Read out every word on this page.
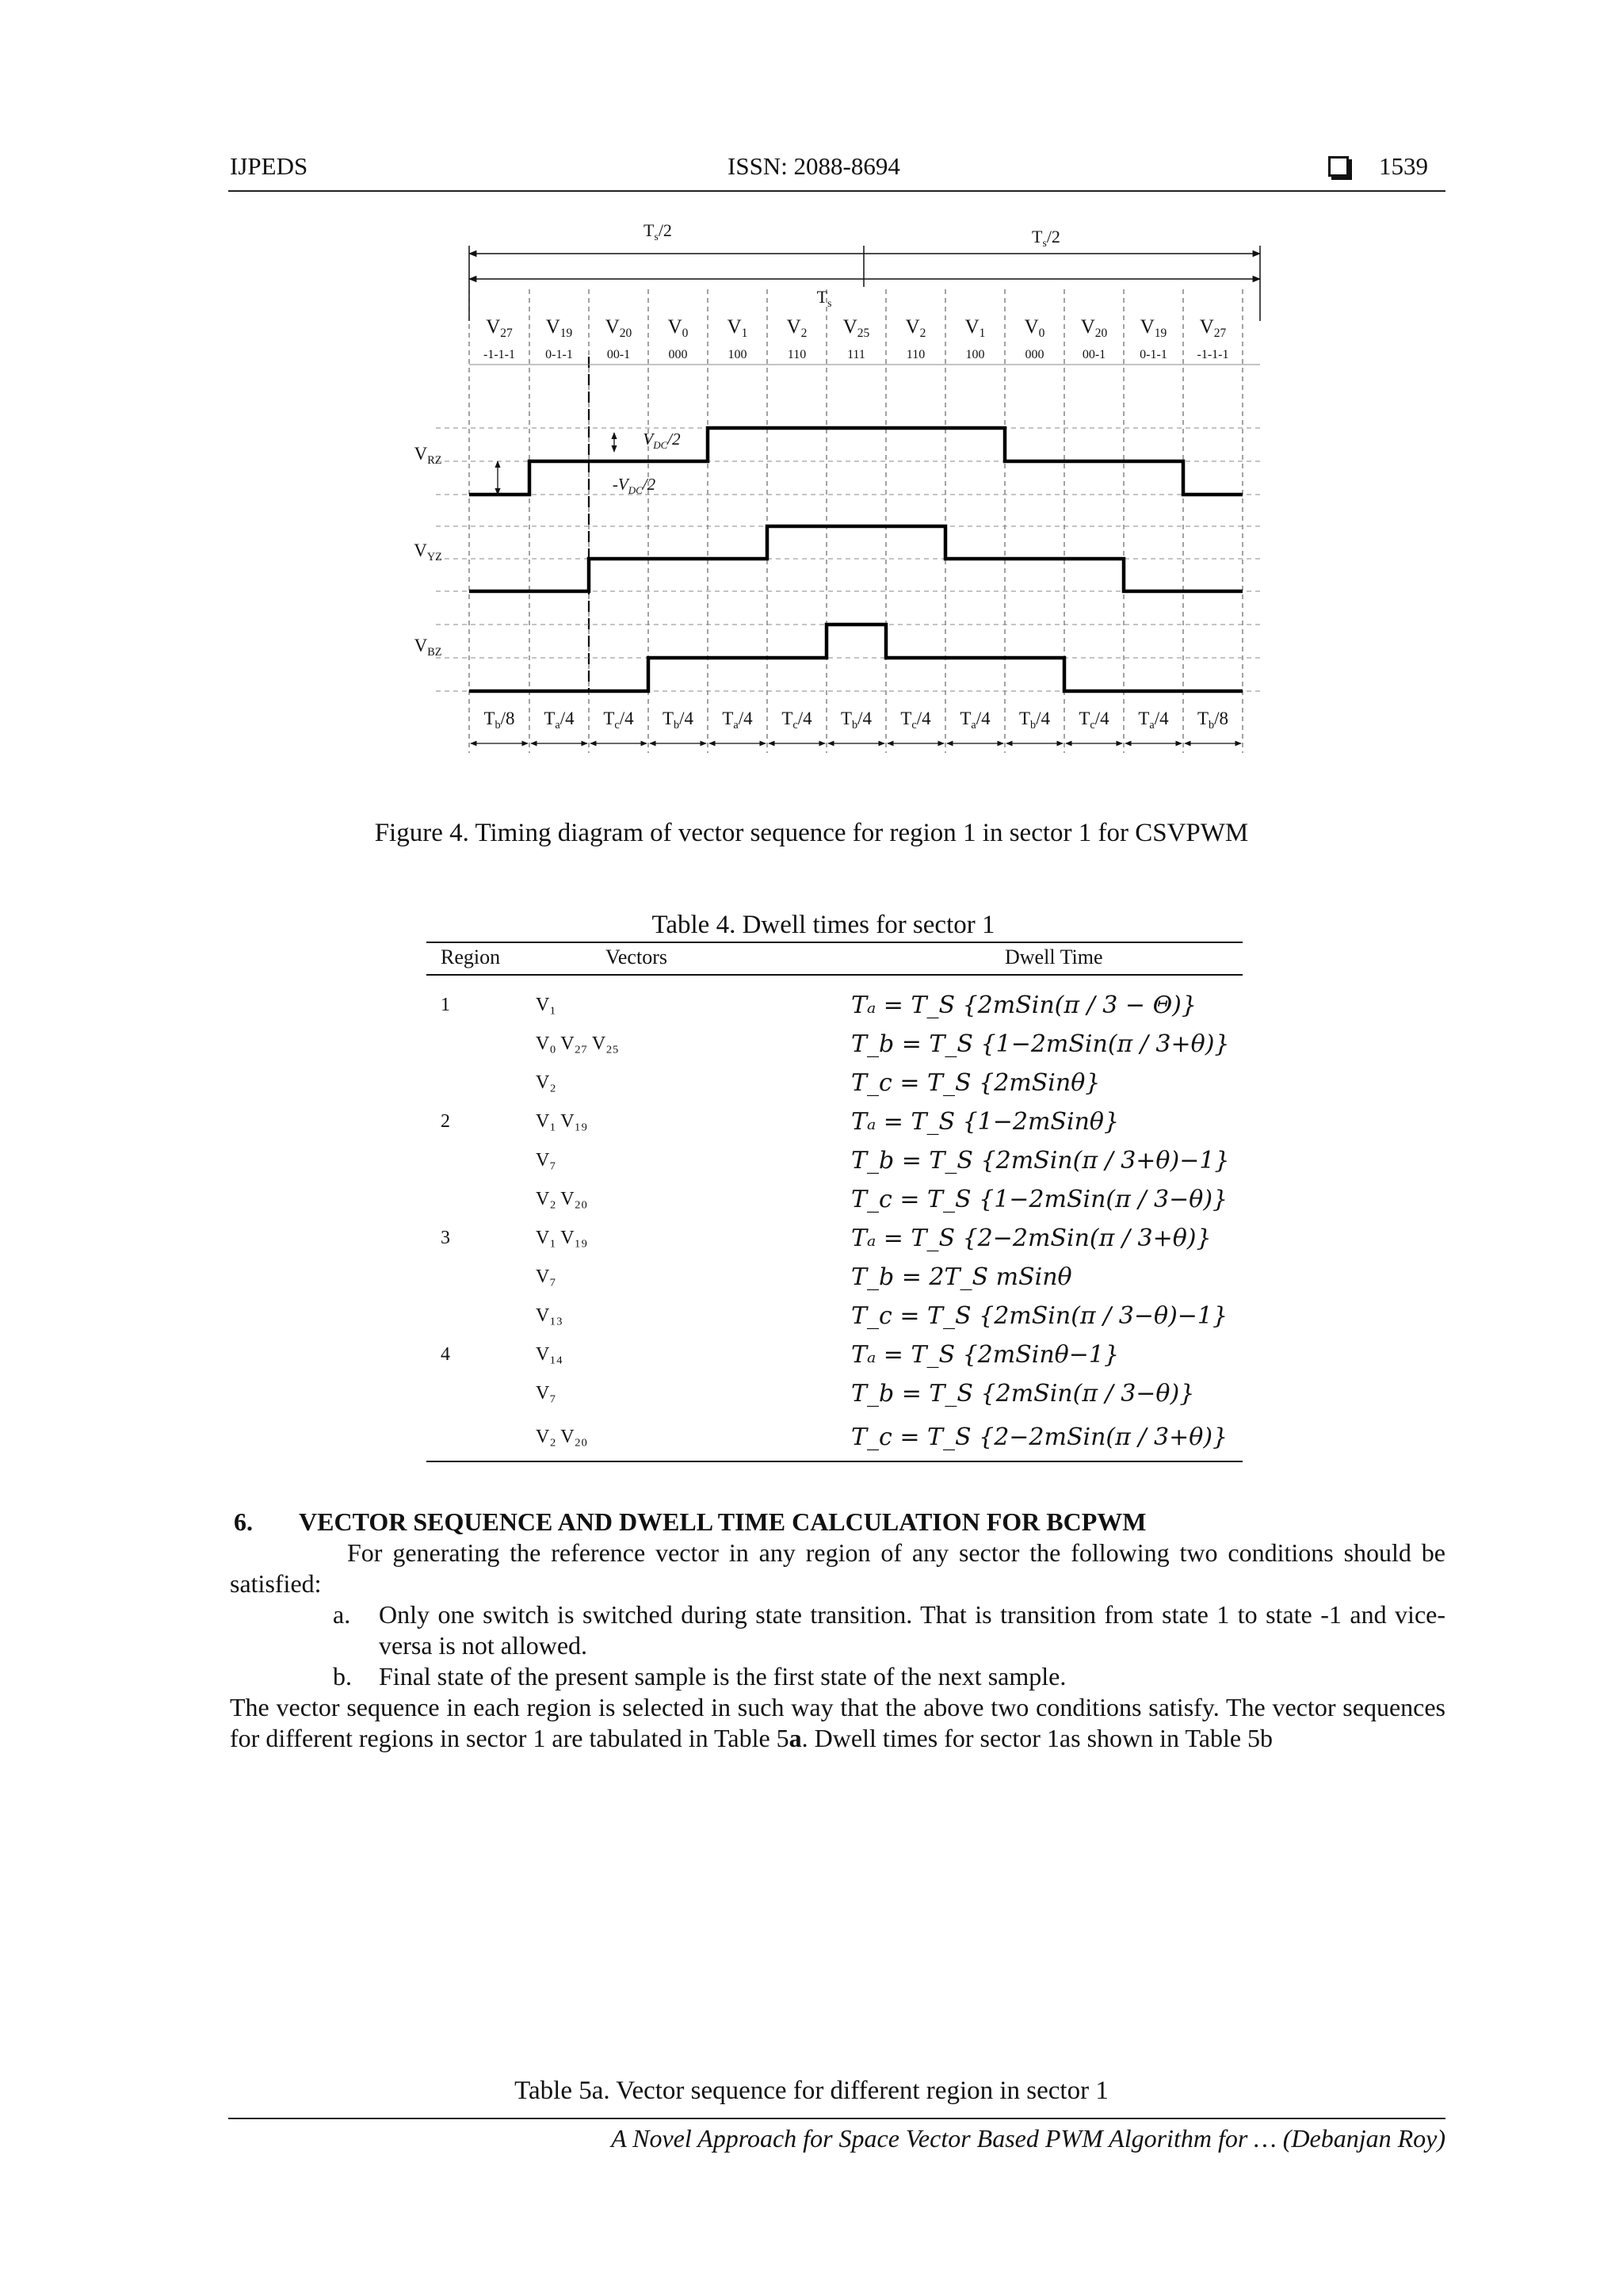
IJPEDS	ISSN: 2088-8694	1539
$T_s/2$	$T_s/2$
$T_s$
$V_{27}$
-1-1-1
$V_{19}$
0-1-1
$V_{20}$
00-1
$V_0$
000
$V_1$
100
$V_2$
110
$V_{25}$
111
$V_2$
110
$V_1$
100
$V_0$
000
$V_{20}$
00-1
$V_{19}$
0-1-1
$V_{27}$
-1-1-1
$V_{RZ}$
$V_{YZ}$
$V_{BZ}$
$V_{DC}/2$
$-V_{DC}/2$
$T_b/8$ $T_a/4$ $T_c/4$ $T_b/4$ $T_a/4$ $T_c/4$ $T_b/4$ $T_c/4$ $T_a/4$ $T_b/4$ $T_c/4$ $T_a/4$ $T_b/8$
Figure 4. Timing diagram of vector sequence for region 1 in sector 1 for CSVPWM
Table 4. Dwell times for sector 1
Region	Vectors	Dwell Time
1	V₁	Tₐ = T_S {2mSin(π / 3 − Θ)}
	V₀ V₂₇ V₂₅	T_b = T_S {1−2mSin(π / 3+θ)}
	V₂	T_c = T_S {2mSinθ}
2	V₁ V₁₉	Tₐ = T_S {1−2mSinθ}
	V₇	T_b = T_S {2mSin(π / 3+θ)−1}
	V₂ V₂₀	T_c = T_S {1−2mSin(π / 3−θ)}
3	V₁ V₁₉	Tₐ = T_S {2−2mSin(π / 3+θ)}
	V₇	T_b = 2T_S mSinθ
	V₁₃	T_c = T_S {2mSin(π / 3−θ)−1}
4	V₁₄	Tₐ = T_S {2mSinθ−1}
	V₇	T_b = T_S {2mSin(π / 3−θ)}
	V₂ V₂₀	T_c = T_S {2−2mSin(π / 3+θ)}
6. VECTOR SEQUENCE AND DWELL TIME CALCULATION FOR BCPWM
For generating the reference vector in any region of any sector the following two conditions should be satisfied:
a. Only one switch is switched during state transition. That is transition from state 1 to state -1 and vice-versa is not allowed.
b. Final state of the present sample is the first state of the next sample.
The vector sequence in each region is selected in such way that the above two conditions satisfy. The vector sequences for different regions in sector 1 are tabulated in Table 5a. Dwell times for sector 1as shown in Table 5b
Table 5a. Vector sequence for different region in sector 1
A Novel Approach for Space Vector Based PWM Algorithm for … (Debanjan Roy)
